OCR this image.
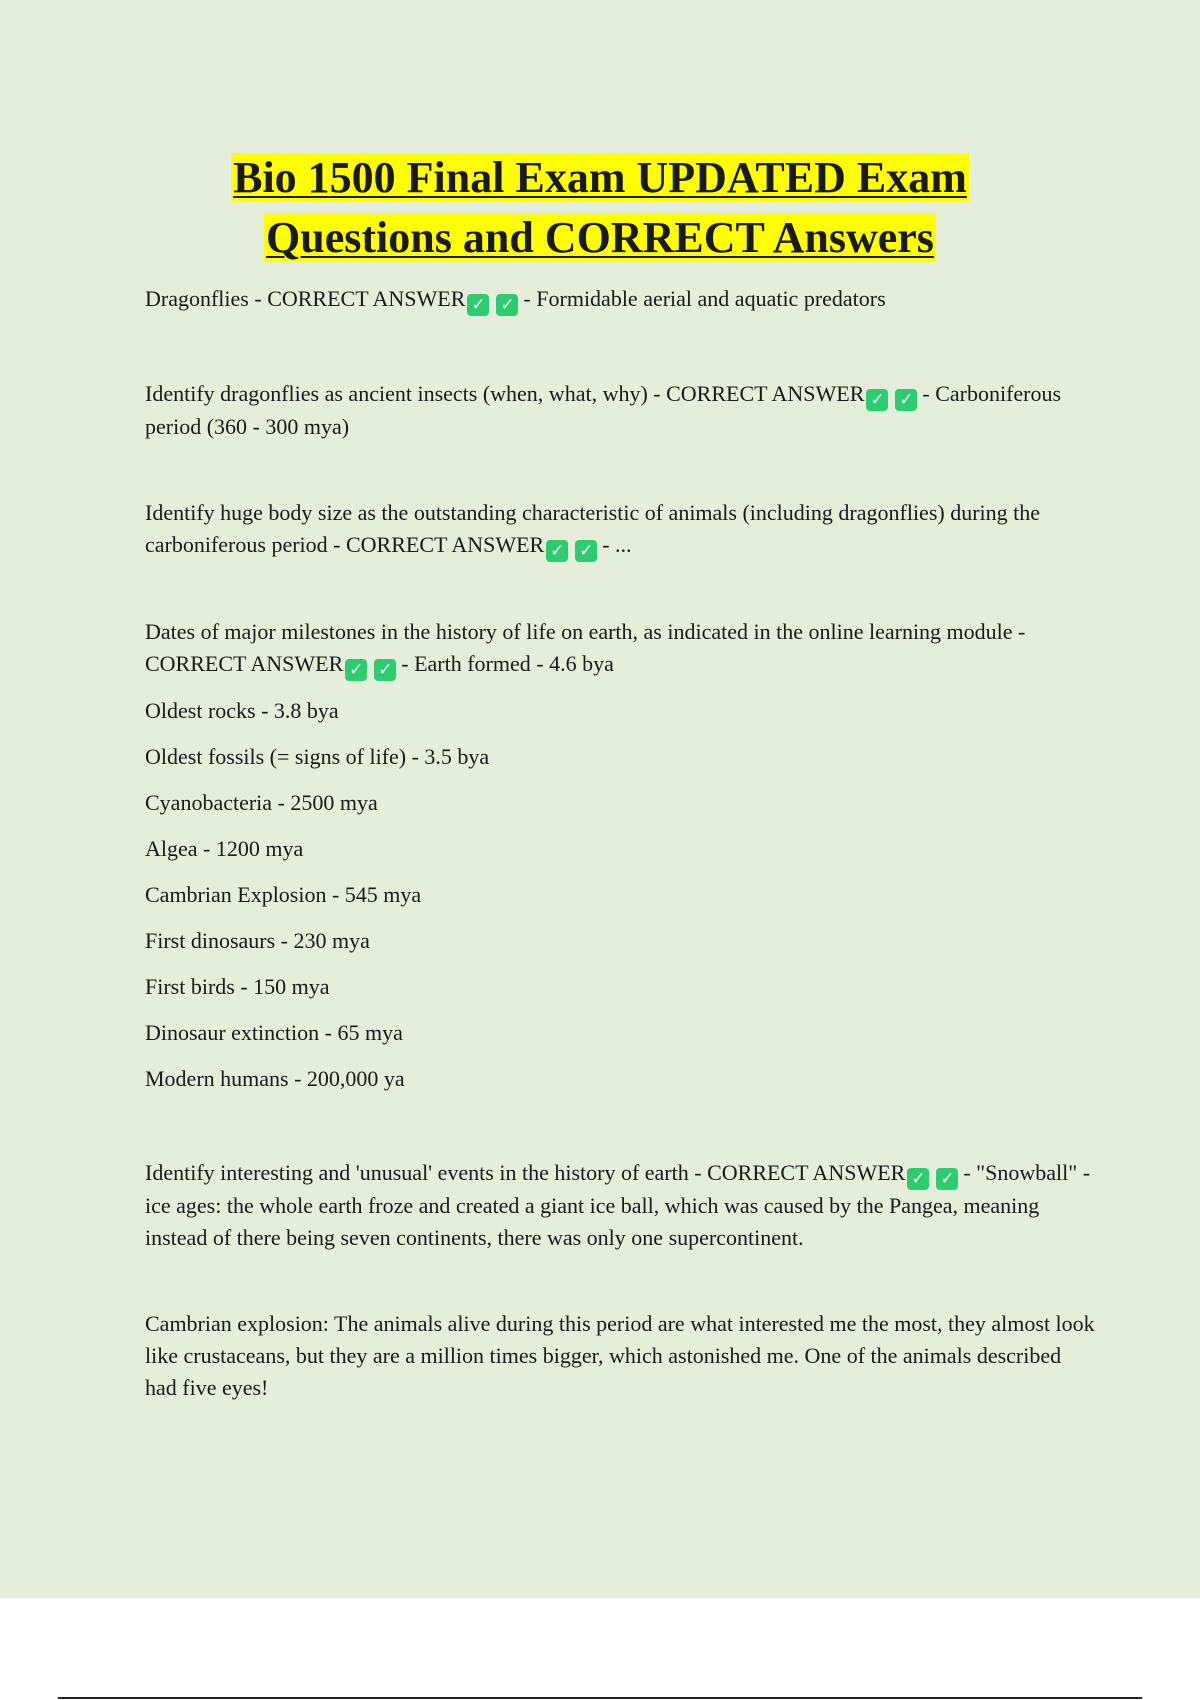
Bio 1500 Final Exam UPDATED Exam
Questions and CORRECT Answers

Dragonflies - CORRECT ANSWER ✓ ✓ - Formidable aerial and aquatic predators

Identify dragonflies as ancient insects (when, what, why) - CORRECT ANSWER ✓ ✓ - Carboniferous period (360 - 300 mya)

Identify huge body size as the outstanding characteristic of animals (including dragonflies) during the carboniferous period - CORRECT ANSWER ✓ ✓ - ...

Dates of major milestones in the history of life on earth, as indicated in the online learning module - CORRECT ANSWER ✓ ✓ - Earth formed - 4.6 bya

Oldest rocks - 3.8 bya
Oldest fossils (= signs of life) - 3.5 bya
Cyanobacteria - 2500 mya
Algea - 1200 mya
Cambrian Explosion - 545 mya
First dinosaurs - 230 mya
First birds - 150 mya
Dinosaur extinction - 65 mya
Modern humans - 200,000 ya

Identify interesting and 'unusual' events in the history of earth - CORRECT ANSWER ✓ ✓ - "Snowball" - ice ages: the whole earth froze and created a giant ice ball, which was caused by the Pangea, meaning instead of there being seven continents, there was only one supercontinent.

Cambrian explosion: The animals alive during this period are what interested me the most, they almost look like crustaceans, but they are a million times bigger, which astonished me. One of the animals described had five eyes!
